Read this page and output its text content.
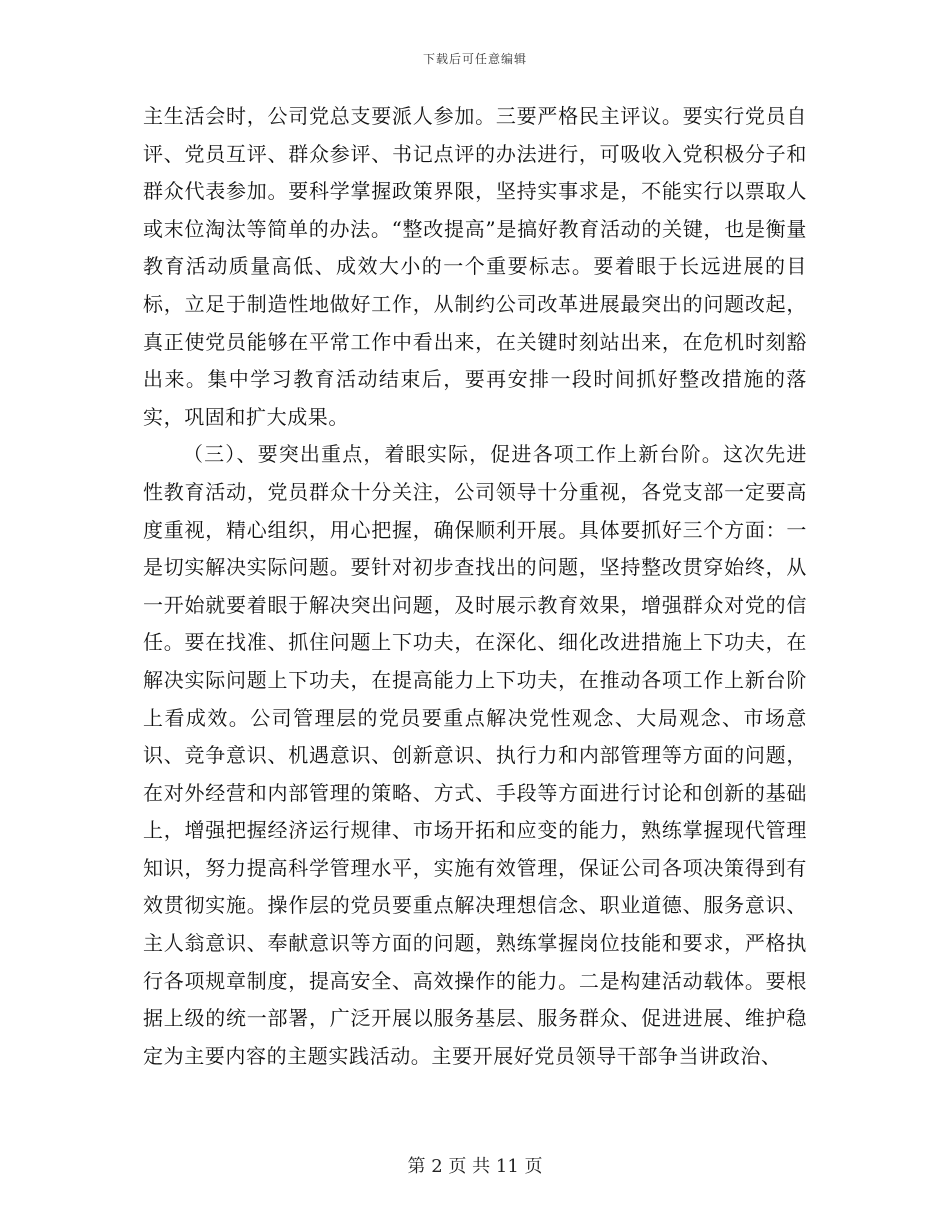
下载后可任意编辑

主生活会时，公司党总支要派人参加。三要严格民主评议。要实行党员自评、党员互评、群众参评、书记点评的办法进行，可吸收入党积极分子和群众代表参加。要科学掌握政策界限，坚持实事求是，不能实行以票取人或末位淘汰等简单的办法。“整改提高”是搞好教育活动的关键，也是衡量教育活动质量高低、成效大小的一个重要标志。要着眼于长远进展的目标，立足于制造性地做好工作，从制约公司改革进展最突出的问题改起，真正使党员能够在平常工作中看出来，在关键时刻站出来，在危机时刻豁出来。集中学习教育活动结束后，要再安排一段时间抓好整改措施的落实，巩固和扩大成果。

（三）、要突出重点，着眼实际，促进各项工作上新台阶。这次先进性教育活动，党员群众十分关注，公司领导十分重视，各党支部一定要高度重视，精心组织，用心把握，确保顺利开展。具体要抓好三个方面：一是切实解决实际问题。要针对初步查找出的问题，坚持整改贯穿始终，从一开始就要着眼于解决突出问题，及时展示教育效果，增强群众对党的信任。要在找准、抓住问题上下功夫，在深化、细化改进措施上下功夫，在解决实际问题上下功夫，在提高能力上下功夫，在推动各项工作上新台阶上看成效。公司管理层的党员要重点解决党性观念、大局观念、市场意识、竞争意识、机遇意识、创新意识、执行力和内部管理等方面的问题，在对外经营和内部管理的策略、方式、手段等方面进行讨论和创新的基础上，增强把握经济运行规律、市场开拓和应变的能力，熟练掌握现代管理知识，努力提高科学管理水平，实施有效管理，保证公司各项决策得到有效贯彻实施。操作层的党员要重点解决理想信念、职业道德、服务意识、主人翁意识、奉献意识等方面的问题，熟练掌握岗位技能和要求，严格执行各项规章制度，提高安全、高效操作的能力。二是构建活动载体。要根据上级的统一部署，广泛开展以服务基层、服务群众、促进进展、维护稳定为主要内容的主题实践活动。主要开展好党员领导干部争当讲政治、

第 2 页 共 11 页
